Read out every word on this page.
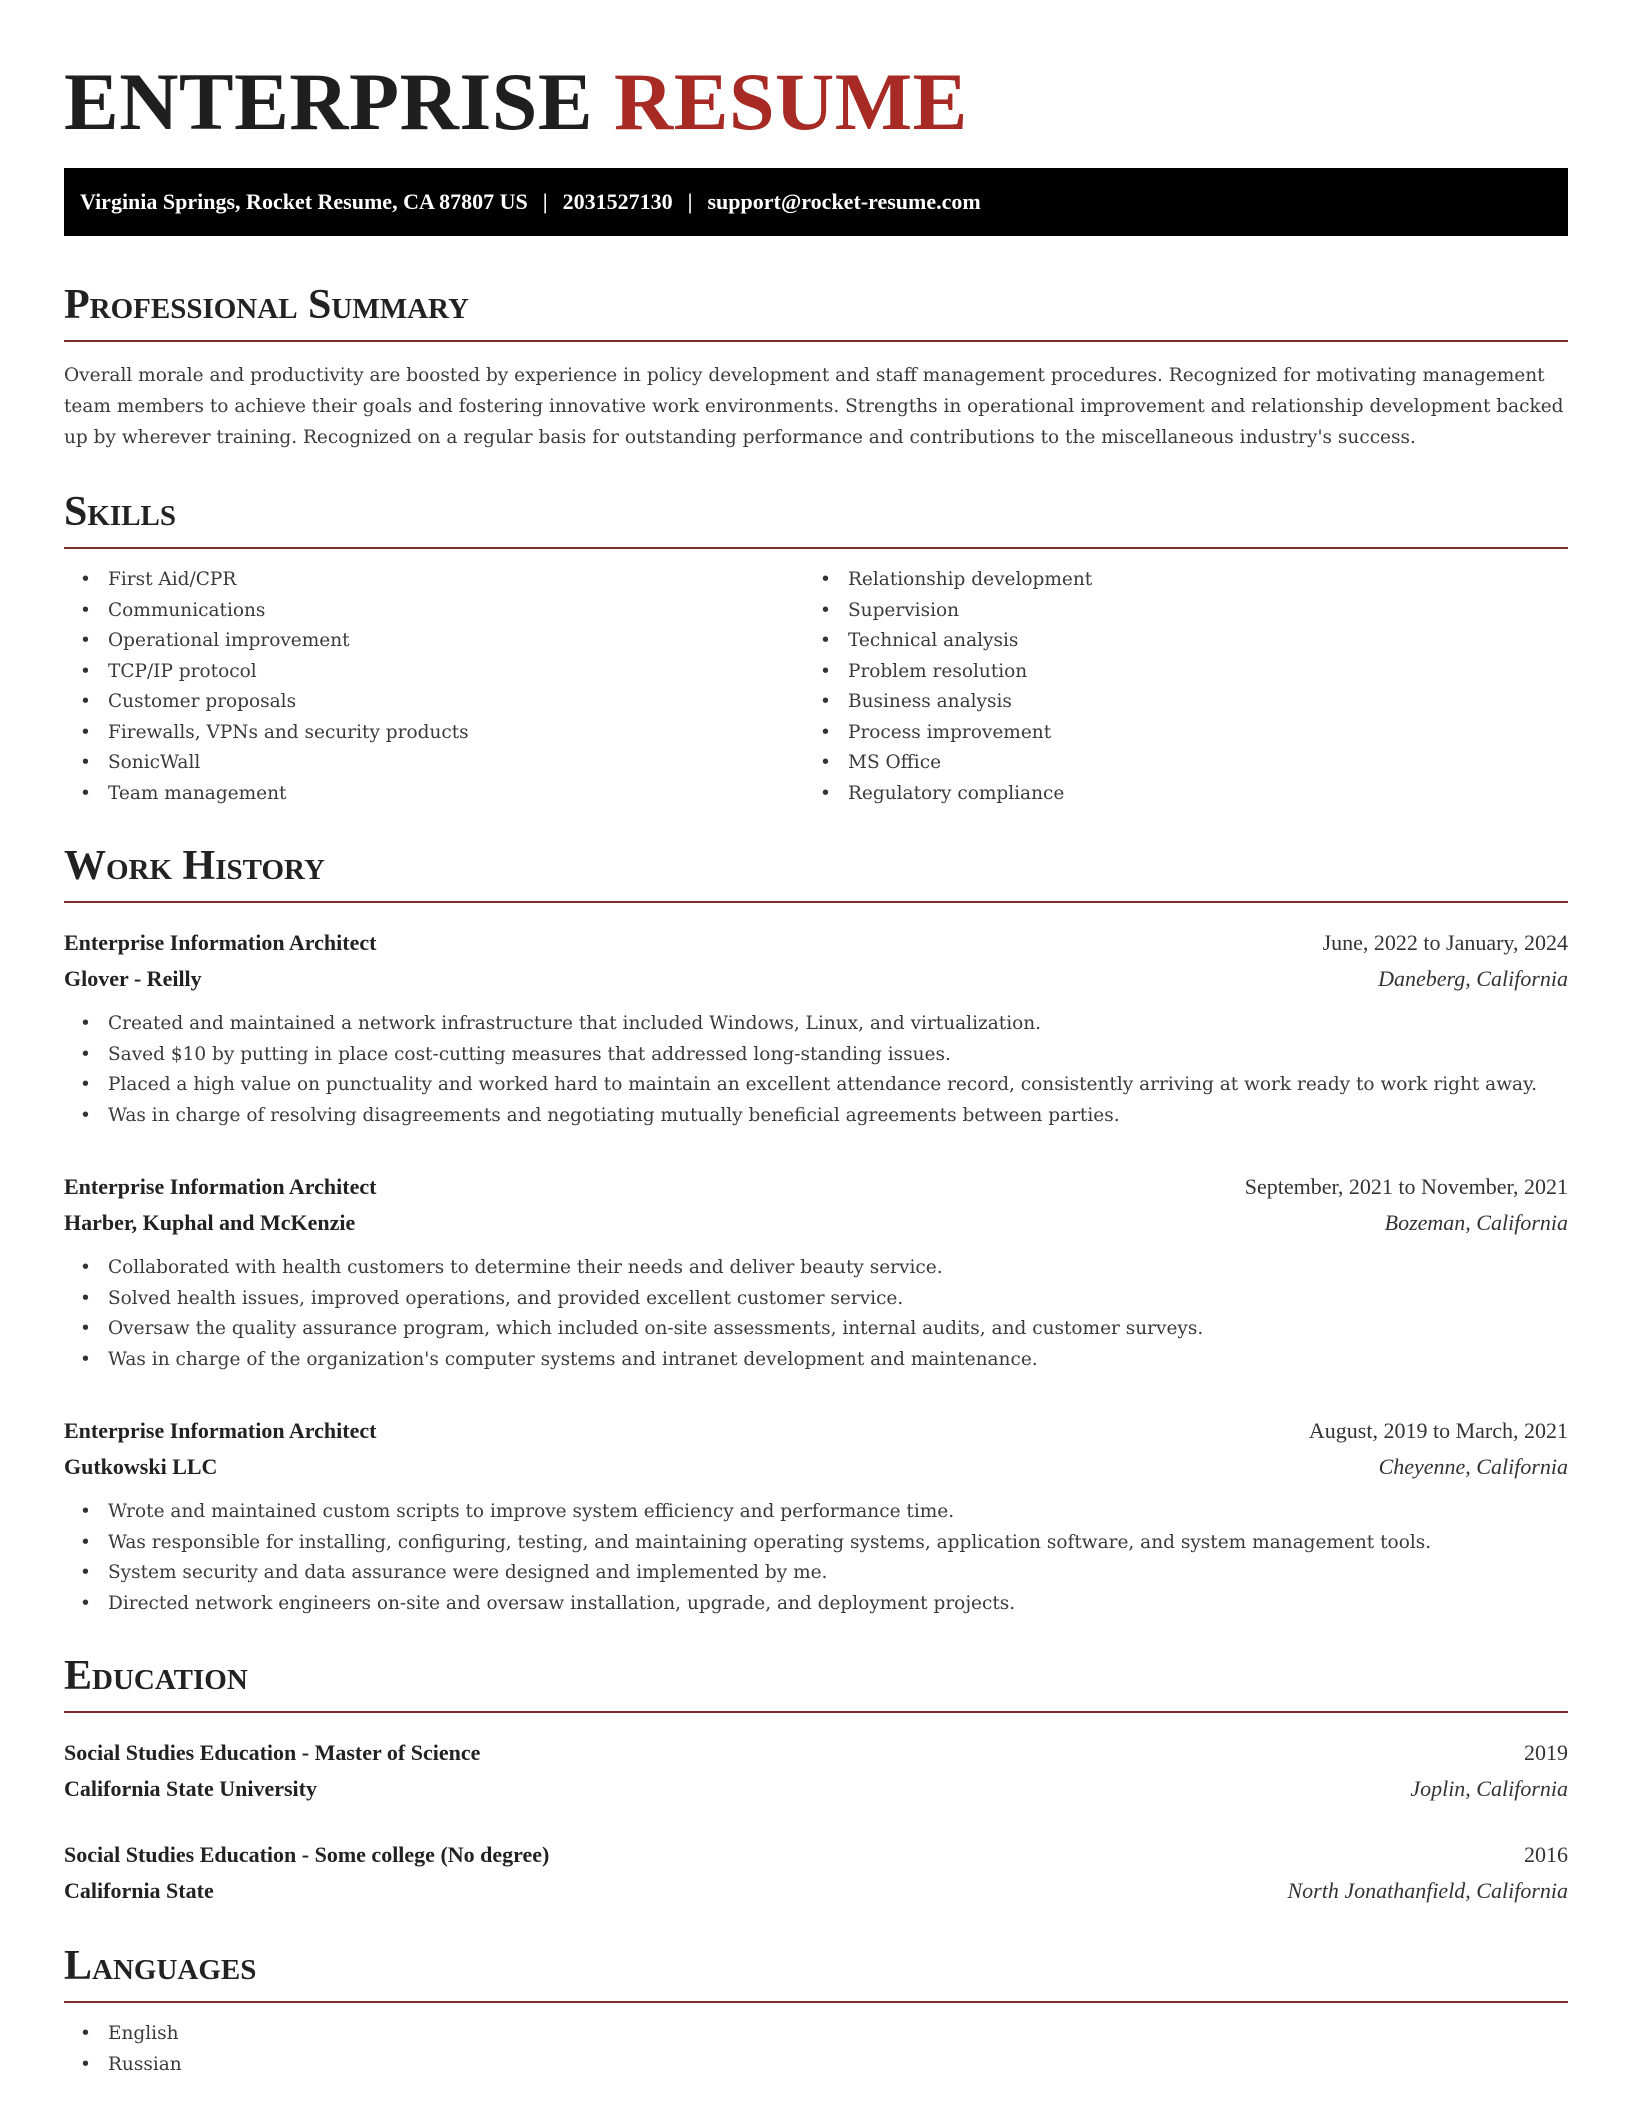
ENTERPRISE RESUME
Virginia Springs, Rocket Resume, CA 87807 US | 2031527130 | support@rocket-resume.com
Professional Summary

Overall morale and productivity are boosted by experience in policy development and staff management procedures. Recognized for motivating management team members to achieve their goals and fostering innovative work environments. Strengths in operational improvement and relationship development backed up by wherever training. Recognized on a regular basis for outstanding performance and contributions to the miscellaneous industry's success.

Skills
• First Aid/CPR
• Communications
• Operational improvement
• TCP/IP protocol
• Customer proposals
• Firewalls, VPNs and security products
• SonicWall
• Team management
• Relationship development
• Supervision
• Technical analysis
• Problem resolution
• Business analysis
• Process improvement
• MS Office
• Regulatory compliance
Work History
Enterprise Information Architect	June, 2022 to January, 2024
Glover - Reilly	Daneberg, California
• Created and maintained a network infrastructure that included Windows, Linux, and virtualization.
• Saved $10 by putting in place cost-cutting measures that addressed long-standing issues.
• Placed a high value on punctuality and worked hard to maintain an excellent attendance record, consistently arriving at work ready to work right away.
• Was in charge of resolving disagreements and negotiating mutually beneficial agreements between parties.
Enterprise Information Architect	September, 2021 to November, 2021
Harber, Kuphal and McKenzie	Bozeman, California
• Collaborated with health customers to determine their needs and deliver beauty service.
• Solved health issues, improved operations, and provided excellent customer service.
• Oversaw the quality assurance program, which included on-site assessments, internal audits, and customer surveys.
• Was in charge of the organization's computer systems and intranet development and maintenance.
Enterprise Information Architect	August, 2019 to March, 2021
Gutkowski LLC	Cheyenne, California
• Wrote and maintained custom scripts to improve system efficiency and performance time.
• Was responsible for installing, configuring, testing, and maintaining operating systems, application software, and system management tools.
• System security and data assurance were designed and implemented by me.
• Directed network engineers on-site and oversaw installation, upgrade, and deployment projects.
Education
Social Studies Education - Master of Science	2019
California State University	Joplin, California
Social Studies Education - Some college (No degree)	2016
California State	North Jonathanfield, California
Languages
• English
• Russian
